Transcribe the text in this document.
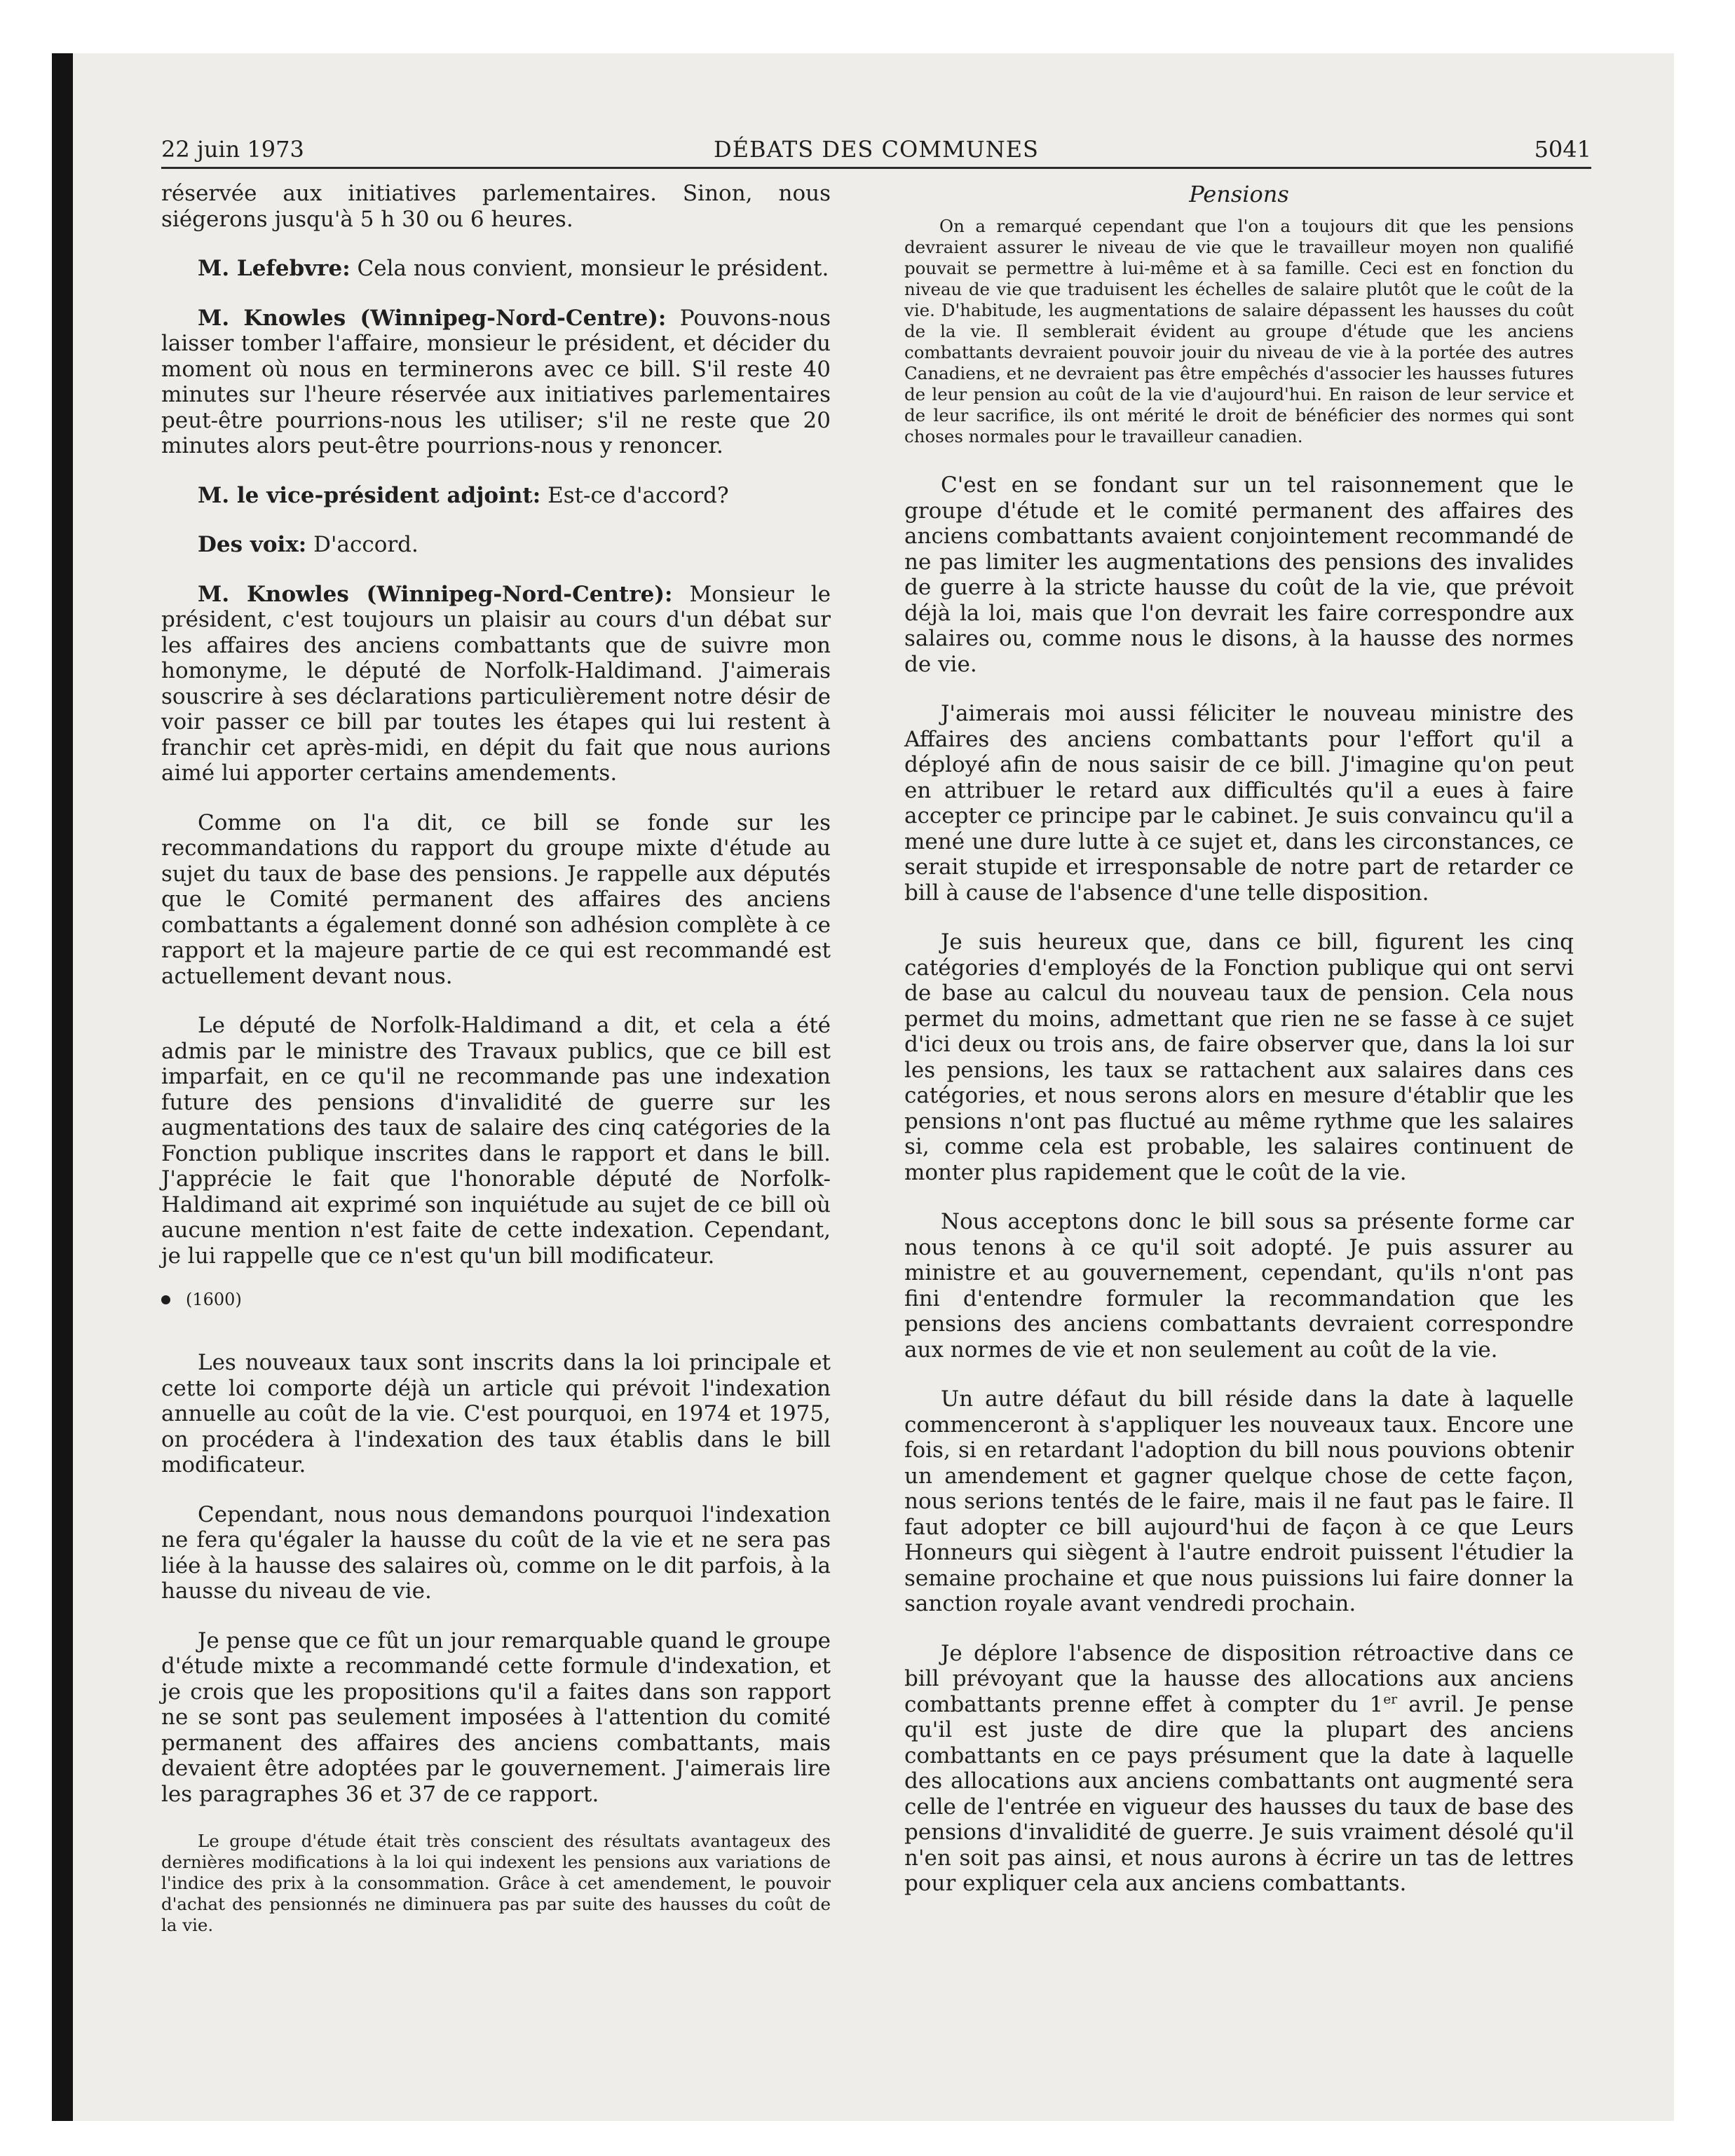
22 juin 1973	DÉBATS DES COMMUNES	5041

réservée aux initiatives parlementaires. Sinon, nous siégerons jusqu'à 5 h 30 ou 6 heures.

M. Lefebvre: Cela nous convient, monsieur le président.

M. Knowles (Winnipeg-Nord-Centre): Pouvons-nous laisser tomber l'affaire, monsieur le président, et décider du moment où nous en terminerons avec ce bill. S'il reste 40 minutes sur l'heure réservée aux initiatives parlementaires peut-être pourrions-nous les utiliser; s'il ne reste que 20 minutes alors peut-être pourrions-nous y renoncer.

M. le vice-président adjoint: Est-ce d'accord?

Des voix: D'accord.

M. Knowles (Winnipeg-Nord-Centre): Monsieur le président, c'est toujours un plaisir au cours d'un débat sur les affaires des anciens combattants que de suivre mon homonyme, le député de Norfolk-Haldimand. J'aimerais souscrire à ses déclarations particulièrement notre désir de voir passer ce bill par toutes les étapes qui lui restent à franchir cet après-midi, en dépit du fait que nous aurions aimé lui apporter certains amendements.

Comme on l'a dit, ce bill se fonde sur les recommandations du rapport du groupe mixte d'étude au sujet du taux de base des pensions. Je rappelle aux députés que le Comité permanent des affaires des anciens combattants a également donné son adhésion complète à ce rapport et la majeure partie de ce qui est recommandé est actuellement devant nous.

Le député de Norfolk-Haldimand a dit, et cela a été admis par le ministre des Travaux publics, que ce bill est imparfait, en ce qu'il ne recommande pas une indexation future des pensions d'invalidité de guerre sur les augmentations des taux de salaire des cinq catégories de la Fonction publique inscrites dans le rapport et dans le bill. J'apprécie le fait que l'honorable député de Norfolk-Haldimand ait exprimé son inquiétude au sujet de ce bill où aucune mention n'est faite de cette indexation. Cependant, je lui rappelle que ce n'est qu'un bill modificateur.

(1600)

Les nouveaux taux sont inscrits dans la loi principale et cette loi comporte déjà un article qui prévoit l'indexation annuelle au coût de la vie. C'est pourquoi, en 1974 et 1975, on procédera à l'indexation des taux établis dans le bill modificateur.

Cependant, nous nous demandons pourquoi l'indexation ne fera qu'égaler la hausse du coût de la vie et ne sera pas liée à la hausse des salaires où, comme on le dit parfois, à la hausse du niveau de vie.

Je pense que ce fût un jour remarquable quand le groupe d'étude mixte a recommandé cette formule d'indexation, et je crois que les propositions qu'il a faites dans son rapport ne se sont pas seulement imposées à l'attention du comité permanent des affaires des anciens combattants, mais devaient être adoptées par le gouvernement. J'aimerais lire les paragraphes 36 et 37 de ce rapport.

Le groupe d'étude était très conscient des résultats avantageux des dernières modifications à la loi qui indexent les pensions aux variations de l'indice des prix à la consommation. Grâce à cet amendement, le pouvoir d'achat des pensionnés ne diminuera pas par suite des hausses du coût de la vie.

Pensions

On a remarqué cependant que l'on a toujours dit que les pensions devraient assurer le niveau de vie que le travailleur moyen non qualifié pouvait se permettre à lui-même et à sa famille. Ceci est en fonction du niveau de vie que traduisent les échelles de salaire plutôt que le coût de la vie. D'habitude, les augmentations de salaire dépassent les hausses du coût de la vie. Il semblerait évident au groupe d'étude que les anciens combattants devraient pouvoir jouir du niveau de vie à la portée des autres Canadiens, et ne devraient pas être empêchés d'associer les hausses futures de leur pension au coût de la vie d'aujourd'hui. En raison de leur service et de leur sacrifice, ils ont mérité le droit de bénéficier des normes qui sont choses normales pour le travailleur canadien.

C'est en se fondant sur un tel raisonnement que le groupe d'étude et le comité permanent des affaires des anciens combattants avaient conjointement recommandé de ne pas limiter les augmentations des pensions des invalides de guerre à la stricte hausse du coût de la vie, que prévoit déjà la loi, mais que l'on devrait les faire correspondre aux salaires ou, comme nous le disons, à la hausse des normes de vie.

J'aimerais moi aussi féliciter le nouveau ministre des Affaires des anciens combattants pour l'effort qu'il a déployé afin de nous saisir de ce bill. J'imagine qu'on peut en attribuer le retard aux difficultés qu'il a eues à faire accepter ce principe par le cabinet. Je suis convaincu qu'il a mené une dure lutte à ce sujet et, dans les circonstances, ce serait stupide et irresponsable de notre part de retarder ce bill à cause de l'absence d'une telle disposition.

Je suis heureux que, dans ce bill, figurent les cinq catégories d'employés de la Fonction publique qui ont servi de base au calcul du nouveau taux de pension. Cela nous permet du moins, admettant que rien ne se fasse à ce sujet d'ici deux ou trois ans, de faire observer que, dans la loi sur les pensions, les taux se rattachent aux salaires dans ces catégories, et nous serons alors en mesure d'établir que les pensions n'ont pas fluctué au même rythme que les salaires si, comme cela est probable, les salaires continuent de monter plus rapidement que le coût de la vie.

Nous acceptons donc le bill sous sa présente forme car nous tenons à ce qu'il soit adopté. Je puis assurer au ministre et au gouvernement, cependant, qu'ils n'ont pas fini d'entendre formuler la recommandation que les pensions des anciens combattants devraient correspondre aux normes de vie et non seulement au coût de la vie.

Un autre défaut du bill réside dans la date à laquelle commenceront à s'appliquer les nouveaux taux. Encore une fois, si en retardant l'adoption du bill nous pouvions obtenir un amendement et gagner quelque chose de cette façon, nous serions tentés de le faire, mais il ne faut pas le faire. Il faut adopter ce bill aujourd'hui de façon à ce que Leurs Honneurs qui siègent à l'autre endroit puissent l'étudier la semaine prochaine et que nous puissions lui faire donner la sanction royale avant vendredi prochain.

Je déplore l'absence de disposition rétroactive dans ce bill prévoyant que la hausse des allocations aux anciens combattants prenne effet à compter du 1er avril. Je pense qu'il est juste de dire que la plupart des anciens combattants en ce pays présument que la date à laquelle des allocations aux anciens combattants ont augmenté sera celle de l'entrée en vigueur des hausses du taux de base des pensions d'invalidité de guerre. Je suis vraiment désolé qu'il n'en soit pas ainsi, et nous aurons à écrire un tas de lettres pour expliquer cela aux anciens combattants.
